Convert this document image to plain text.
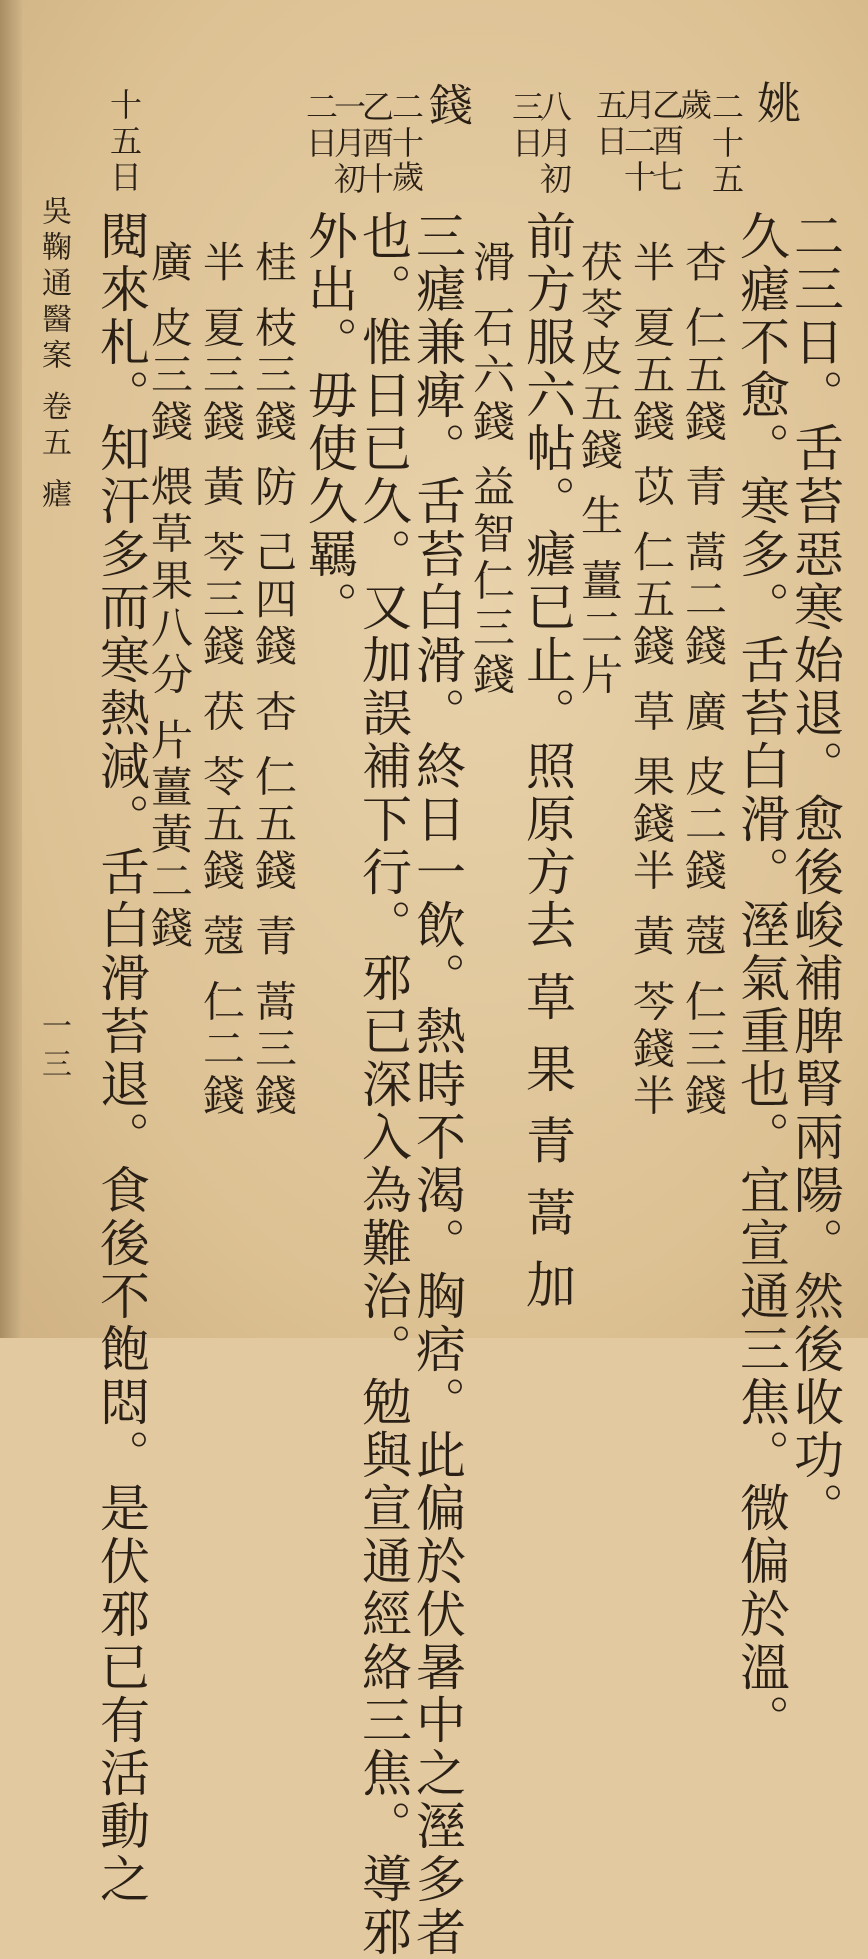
姚
二十五
歲
乙酉七
月二十
五日
八月初
三日
錢
二十
歲
乙酉十
一月初
二日
十五日
二三日。舌苔惡寒始退。愈後峻補脾腎兩陽。然後收功。
久瘧不愈。寒多。舌苔白滑。溼氣重也。宜宣通三焦。微偏於溫。
杏 仁五錢 青 蒿二錢 廣 皮二錢 蔻 仁三錢
半 夏五錢 苡 仁五錢 草 果錢半 黃 芩錢半
茯苓皮五錢 生 薑二片
前方服六帖。瘧已止。照原方去 草 果 青 蒿 加
滑 石六錢 益智仁三錢
三瘧兼痺。舌苔白滑。終日一飲。熱時不渴。胸痞。此偏於伏暑中之溼多者
也。惟日已久。又加誤補下行。邪已深入為難治。勉與宣通經絡三焦。導邪
外出。毋使久羈。
桂 枝三錢 防 己四錢 杏 仁五錢 青 蒿三錢
半 夏三錢 黃 芩三錢 茯 苓五錢 蔻 仁二錢
廣 皮三錢 煨草果八分 片薑黃二錢
閱來札。知汗多而寒熱減。舌白滑苔退。食後不飽悶。是伏邪已有活動之
吳鞠通醫案 卷五 瘧
一三
